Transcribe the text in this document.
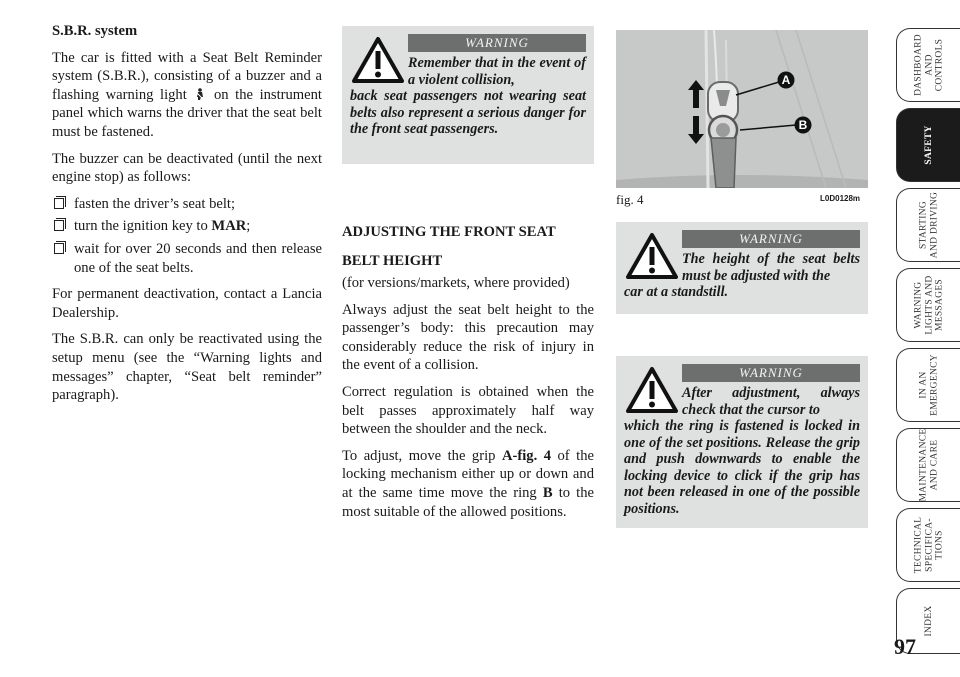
S.B.R. system

The car is fitted with a Seat Belt Reminder system (S.B.R.), consisting of a buzzer and a flashing warning light on the instrument panel which warns the driver that the seat belt must be fastened.

The buzzer can be deactivated (until the next engine stop) as follows:

fasten the driver’s seat belt;
turn the ignition key to MAR;
wait for over 20 seconds and then release one of the seat belts.

For permanent deactivation, contact a Lancia Dealership.

The S.B.R. can only be reactivated using the setup menu (see the “Warning lights and messages” chapter, “Seat belt reminder” paragraph).

WARNING
Remember that in the event of a violent collision,
back seat passengers not wearing seat belts also represent a serious danger for the front seat passengers.

ADJUSTING THE FRONT SEAT

BELT HEIGHT

(for versions/markets, where provided)

Always adjust the seat belt height to the passenger’s body: this precaution may considerably reduce the risk of injury in the event of a collision.

Correct regulation is obtained when the belt passes approximately half way between the shoulder and the neck.

To adjust, move the grip A-fig. 4 of the locking mechanism either up or down and at the same time move the ring B to the most suitable of the allowed positions.

A
B
fig. 4	L0D0128m
WARNING
The height of the seat belts must be adjusted with the
car at a standstill.
WARNING
After adjustment, always check that the cursor to
which the ring is fastened is locked in one of the set positions. Release the grip and push downwards to enable the locking device to click if the grip has not been released in one of the possible positions.
DASHBOARD
AND
CONTROLS
SAFETY
STARTING
AND DRIVING
WARNING
LIGHTS AND
MESSAGES
IN AN
EMERGENCY
MAINTENANCE
AND CARE
TECHNICAL
SPECIFICA-
TIONS
INDEX
97
